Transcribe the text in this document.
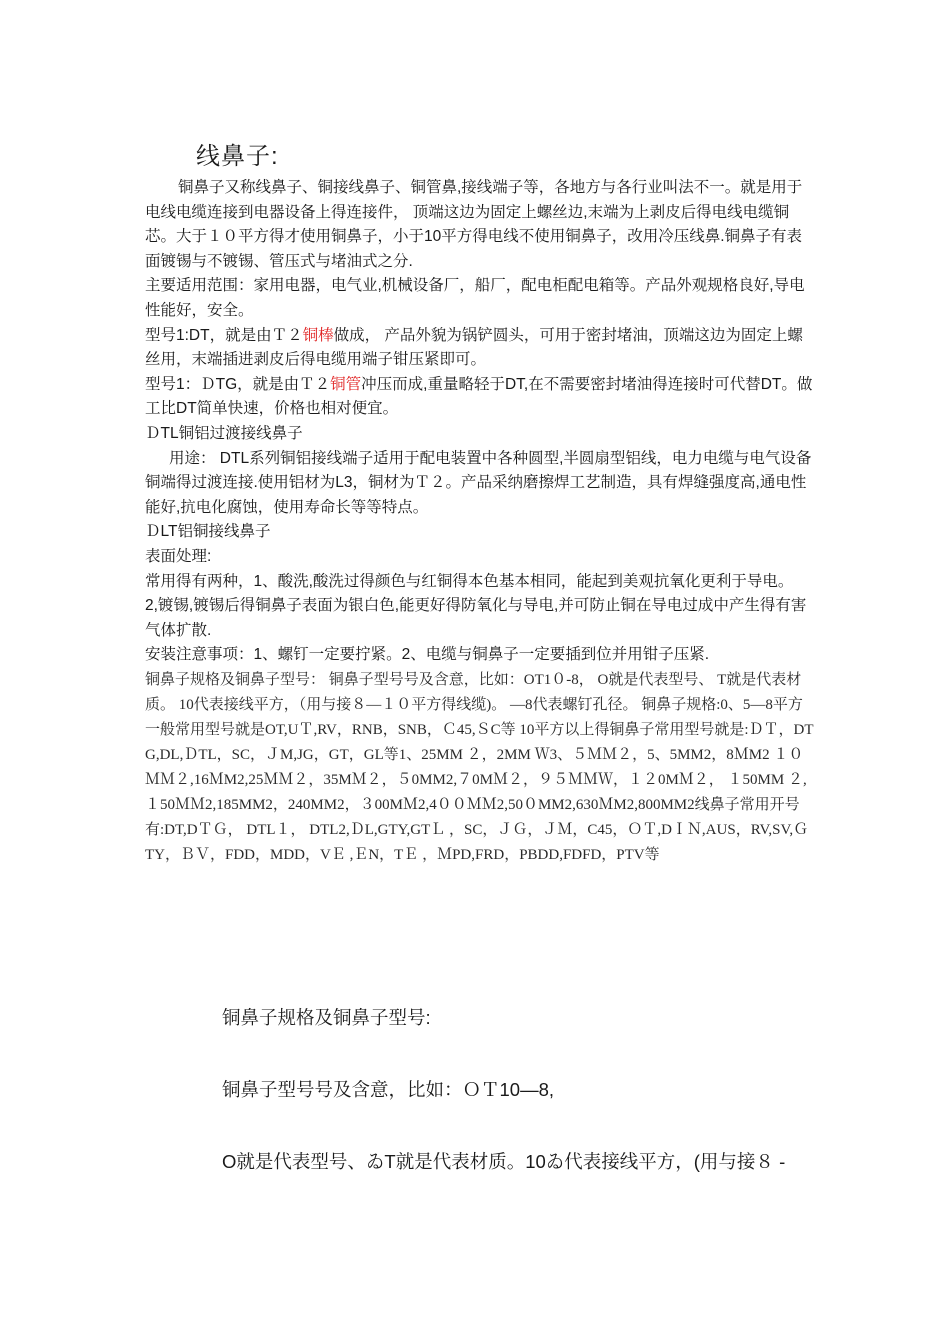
线鼻子:

铜鼻子又称线鼻子、铜接线鼻子、铜管鼻,接线端子等，各地方与各行业叫法不一。就是用于电线电缆连接到电器设备上得连接件， 顶端这边为固定上螺丝边,末端为上剥皮后得电线电缆铜芯。大于１０平方得才使用铜鼻子，小于10平方得电线不使用铜鼻子，改用冷压线鼻.铜鼻子有表面镀锡与不镀锡、管压式与堵油式之分.

主要适用范围：家用电器，电气业,机械设备厂，船厂，配电柜配电箱等。产品外观规格良好,导电性能好，安全。

型号1:DT，就是由Ｔ２铜棒做成， 产品外貌为锅铲圆头，可用于密封堵油，顶端这边为固定上螺丝用，末端插进剥皮后得电缆用端子钳压紧即可。

型号1：ＤTG，就是由Ｔ２铜管冲压而成,重量略轻于DT,在不需要密封堵油得连接时可代替DT。做工比DT简单快速，价格也相对便宜。

ＤTL铜铝过渡接线鼻子

用途： DTL系列铜铝接线端子适用于配电装置中各种圆型,半圆扇型铝线，电力电缆与电气设备铜端得过渡连接.使用铝材为L3，铜材为Ｔ２。产品采纳磨擦焊工艺制造，具有焊缝强度高,通电性能好,抗电化腐蚀，使用寿命长等等特点。

ＤLT铝铜接线鼻子

表面处理:

常用得有两种，1、酸洗,酸洗过得颜色与红铜得本色基本相同，能起到美观抗氧化更利于导电。

2,镀锡,镀锡后得铜鼻子表面为银白色,能更好得防氧化与导电,并可防止铜在导电过成中产生得有害气体扩散.

安装注意事项：1、螺钉一定要拧紧。2、电缆与铜鼻子一定要插到位并用钳子压紧.

铜鼻子规格及铜鼻子型号： 铜鼻子型号号及含意，比如：OT1０-8， O就是代表型号、 T就是代表材质。 10代表接线平方，（用与接８—１０平方得线缆)。 —8代表螺钉孔径。 铜鼻子规格:0、5—8平方一般常用型号就是OT,UＴ,RV，RNB，SNB，Ｃ45,ＳC等 10平方以上得铜鼻子常用型号就是:ＤＴ，DTG,DL,ＤTL，SC，ＪM,JG，GT，GL等1、25MM ２，2MM Ｗ3、５ＭＭ２，5、5MM2，8ＭM2 １０ＭＭ２,16ＭM2,25ＭＭ２，35MＭ２，５0MM2,７0MＭ２，９５ＭＭＷ，１２0MＭ２， １50MM ２,１50ＭＭ2,185MM2，240MM2，３00MＭ2,4００ＭＭ2,50０MM2,630ＭM2,800MM2线鼻子常用开号有:DT,DＴＧ， DTL１， DTL2,ＤL,GTY,GTＬ ，SC，ＪＧ，ＪＭ，C45，ＯＴ,DＩＮ,AUS，RV,SV,ＧTY，ＢＶ，FDD，MDD，VＥ ,ＥN，TＥ ，ＭPD,FRD，PBDD,FDFD，PTV等

铜鼻子规格及铜鼻子型号:
铜鼻子型号号及含意，比如：ＯＴ10—8,
O就是代表型号、ゐT就是代表材质。10ゐ代表接线平方，(用与接８ -
